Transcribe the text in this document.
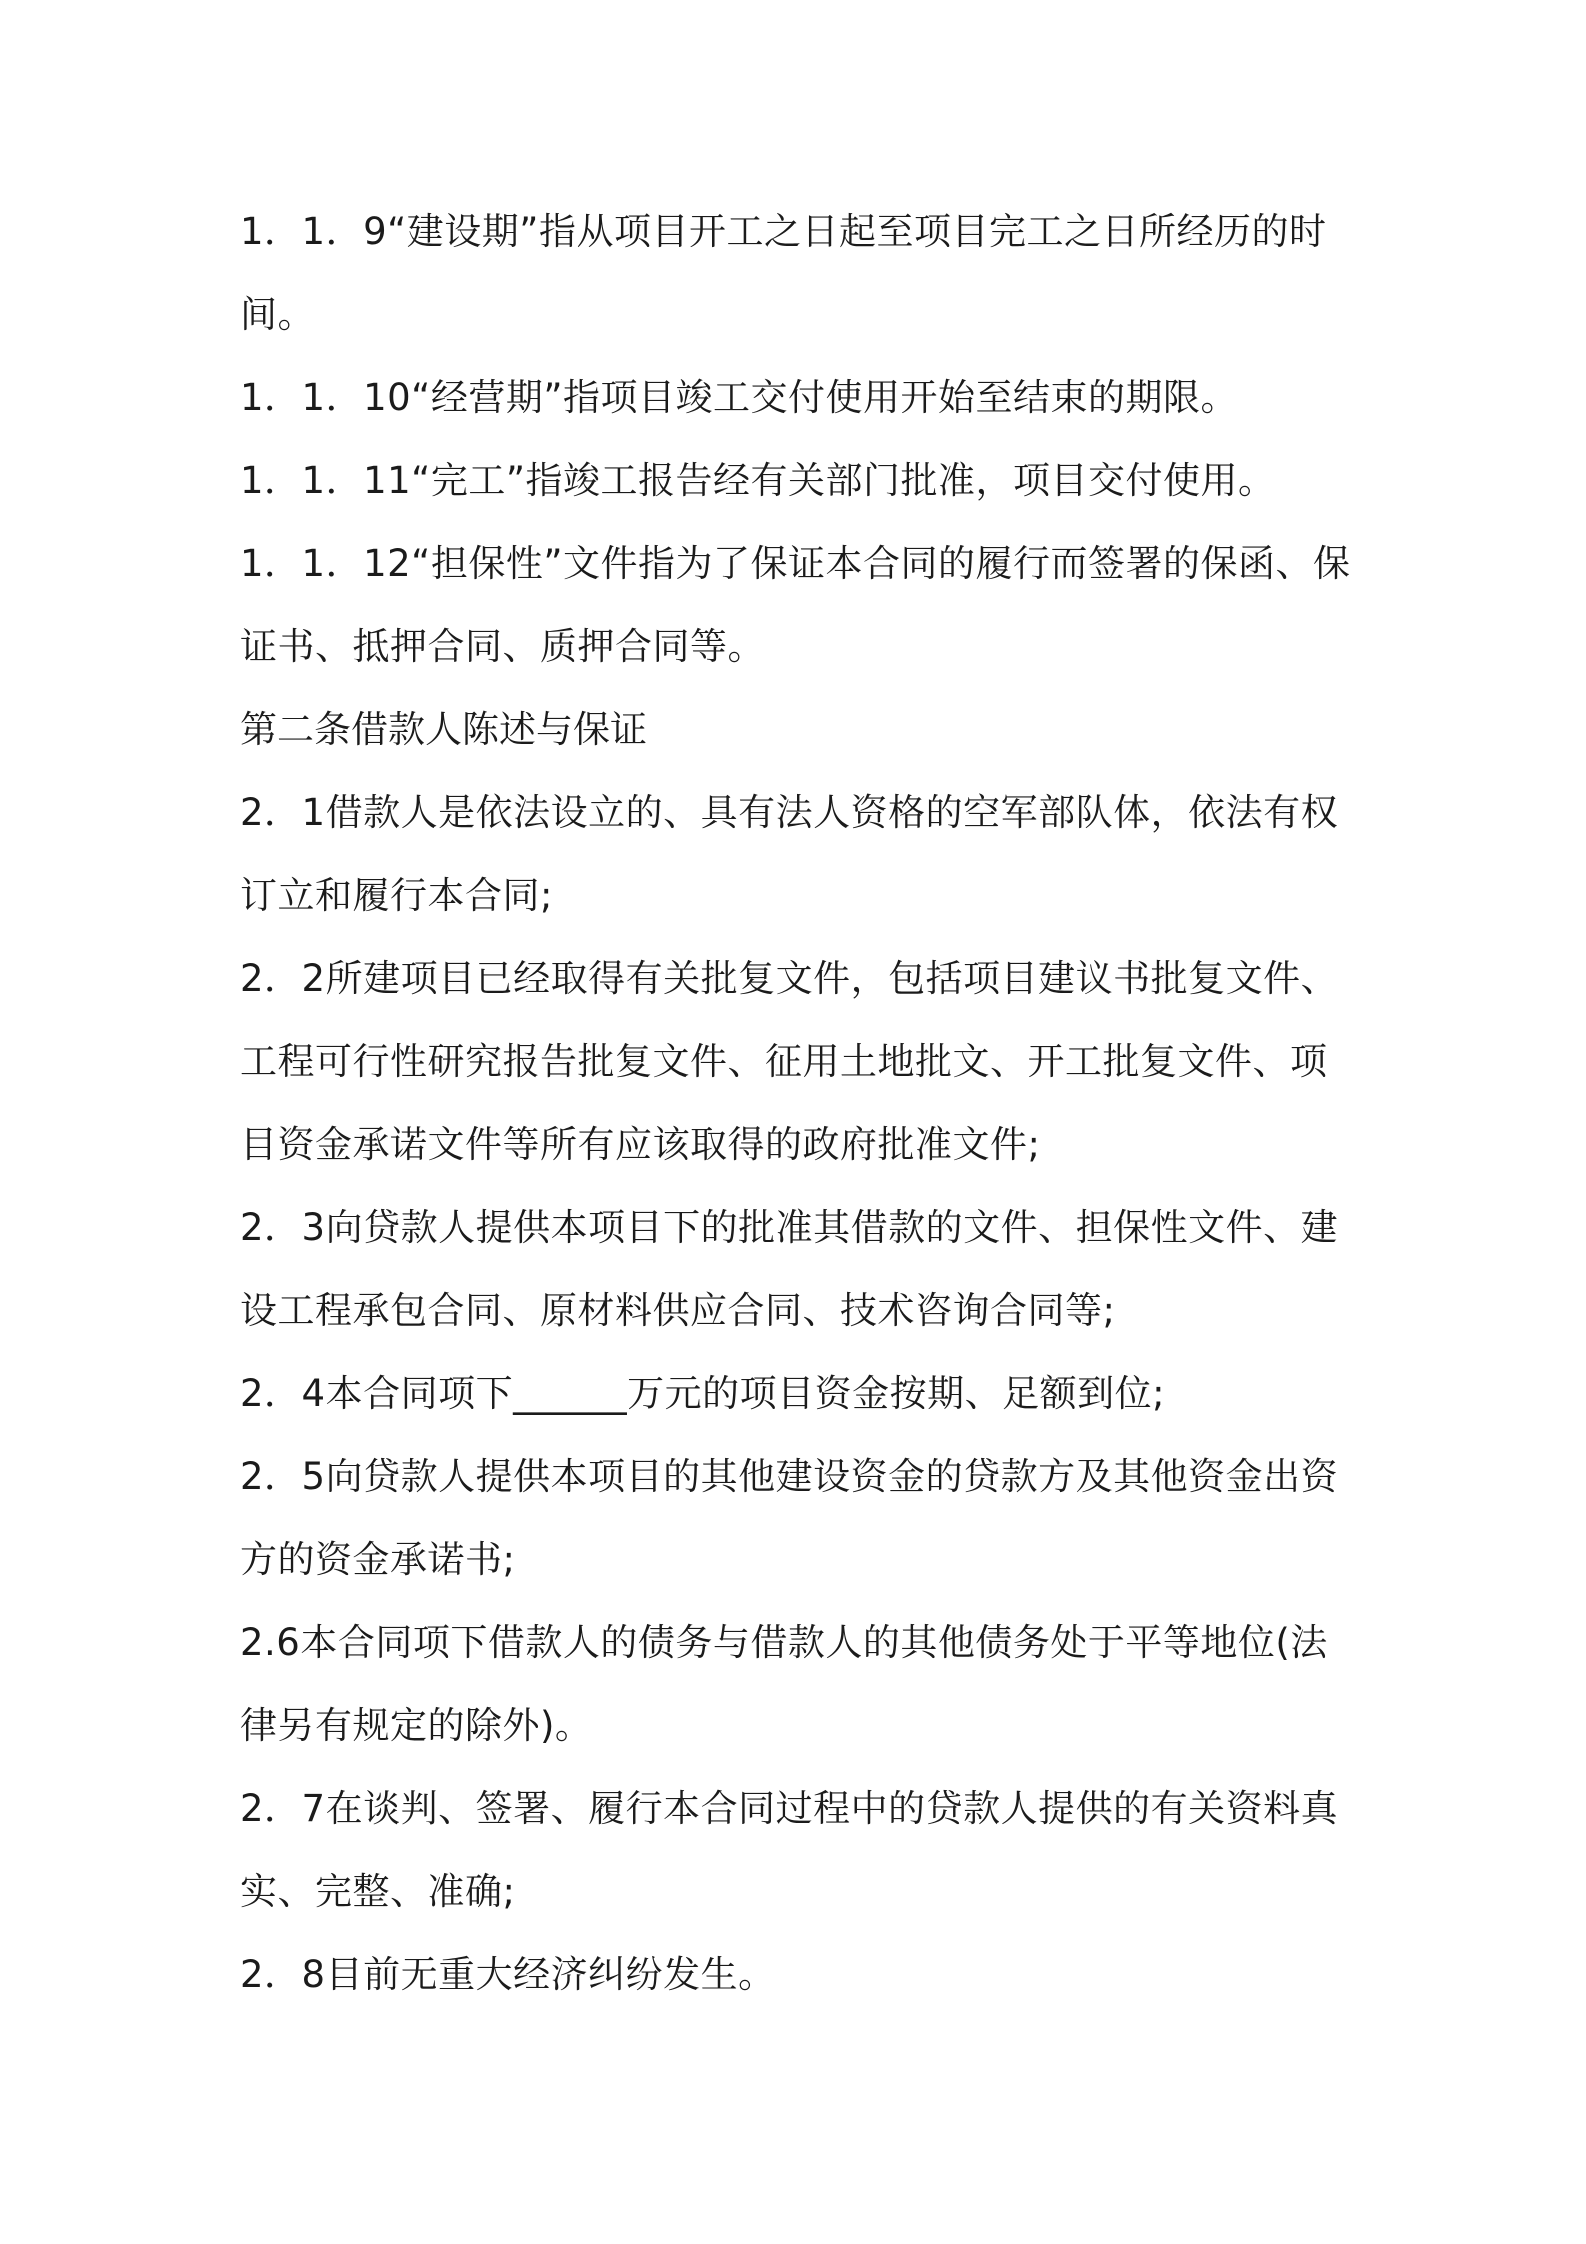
1．1．9“建设期”指从项目开工之日起至项目完工之日所经历的时间。

1．1．10“经营期”指项目竣工交付使用开始至结束的期限。

1．1．11“完工”指竣工报告经有关部门批准，项目交付使用。

1．1．12“担保性”文件指为了保证本合同的履行而签署的保函、保证书、抵押合同、质押合同等。

第二条借款人陈述与保证

2．1借款人是依法设立的、具有法人资格的空军部队体，依法有权订立和履行本合同;

2．2所建项目已经取得有关批复文件，包括项目建议书批复文件、工程可行性研究报告批复文件、征用土地批文、开工批复文件、项目资金承诺文件等所有应该取得的政府批准文件;

2．3向贷款人提供本项目下的批准其借款的文件、担保性文件、建设工程承包合同、原材料供应合同、技术咨询合同等;

2．4本合同项下______万元的项目资金按期、足额到位;

2．5向贷款人提供本项目的其他建设资金的贷款方及其他资金出资方的资金承诺书;

2.6本合同项下借款人的债务与借款人的其他债务处于平等地位(法律另有规定的除外)。

2．7在谈判、签署、履行本合同过程中的贷款人提供的有关资料真实、完整、准确;

2．8目前无重大经济纠纷发生。
